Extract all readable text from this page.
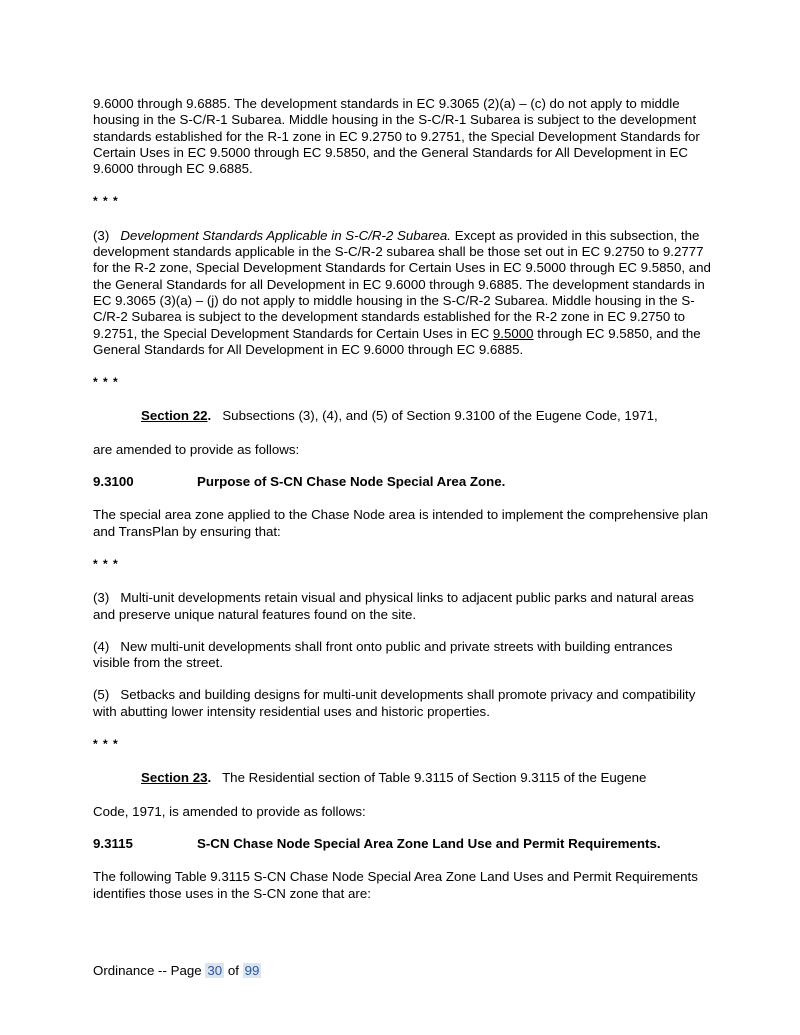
9.6000 through 9.6885. The development standards in EC 9.3065 (2)(a) – (c) do not apply to middle housing in the S-C/R-1 Subarea. Middle housing in the S-C/R-1 Subarea is subject to the development standards established for the R-1 zone in EC 9.2750 to 9.2751, the Special Development Standards for Certain Uses in EC 9.5000 through EC 9.5850, and the General Standards for All Development in EC 9.6000 through EC 9.6885.

* * *

(3) Development Standards Applicable in S-C/R-2 Subarea. Except as provided in this subsection, the development standards applicable in the S-C/R-2 subarea shall be those set out in EC 9.2750 to 9.2777 for the R-2 zone, Special Development Standards for Certain Uses in EC 9.5000 through EC 9.5850, and the General Standards for all Development in EC 9.6000 through 9.6885. The development standards in EC 9.3065 (3)(a) – (j) do not apply to middle housing in the S-C/R-2 Subarea. Middle housing in the S-C/R-2 Subarea is subject to the development standards established for the R-2 zone in EC 9.2750 to 9.2751, the Special Development Standards for Certain Uses in EC 9.5000 through EC 9.5850, and the General Standards for All Development in EC 9.6000 through EC 9.6885.

* * *

Section 22. Subsections (3), (4), and (5) of Section 9.3100 of the Eugene Code, 1971,

are amended to provide as follows:

9.3100	Purpose of S-CN Chase Node Special Area Zone.

The special area zone applied to the Chase Node area is intended to implement the comprehensive plan and TransPlan by ensuring that:

* * *

(3) Multi-unit developments retain visual and physical links to adjacent public parks and natural areas and preserve unique natural features found on the site.

(4) New multi-unit developments shall front onto public and private streets with building entrances visible from the street.

(5) Setbacks and building designs for multi-unit developments shall promote privacy and compatibility with abutting lower intensity residential uses and historic properties.

* * *

Section 23. The Residential section of Table 9.3115 of Section 9.3115 of the Eugene

Code, 1971, is amended to provide as follows:

9.3115	S-CN Chase Node Special Area Zone Land Use and Permit Requirements.

The following Table 9.3115 S-CN Chase Node Special Area Zone Land Uses and Permit Requirements identifies those uses in the S-CN zone that are:

Ordinance -- Page 30 of 99
